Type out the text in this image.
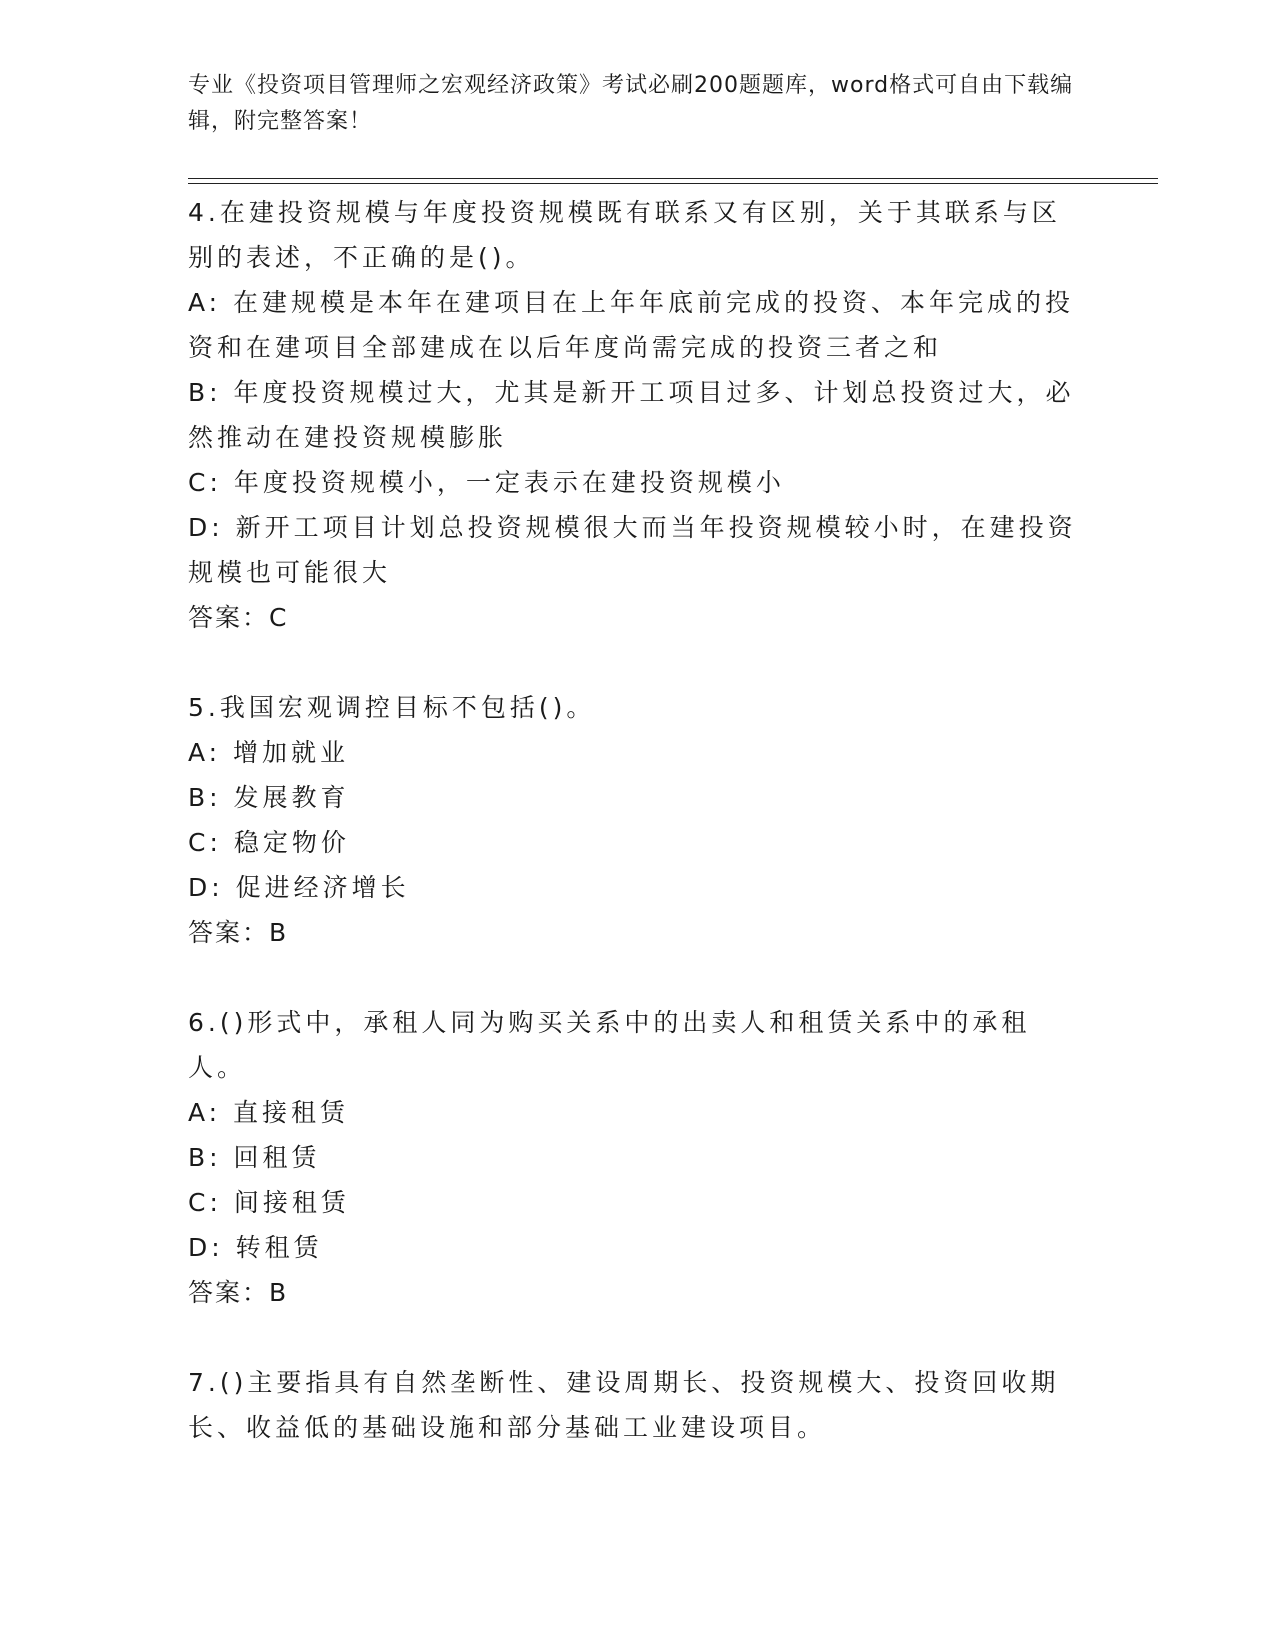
专业《投资项目管理师之宏观经济政策》考试必刷200题题库，word格式可自由下载编辑，附完整答案！

4.在建投资规模与年度投资规模既有联系又有区别，关于其联系与区别的表述，不正确的是()。

A: 在建规模是本年在建项目在上年年底前完成的投资、本年完成的投资和在建项目全部建成在以后年度尚需完成的投资三者之和

B: 年度投资规模过大，尤其是新开工项目过多、计划总投资过大，必然推动在建投资规模膨胀

C: 年度投资规模小，一定表示在建投资规模小

D: 新开工项目计划总投资规模很大而当年投资规模较小时，在建投资规模也可能很大

答案：C

5.我国宏观调控目标不包括()。

A: 增加就业

B: 发展教育

C: 稳定物价

D: 促进经济增长

答案：B

6.()形式中，承租人同为购买关系中的出卖人和租赁关系中的承租人。

A: 直接租赁

B: 回租赁

C: 间接租赁

D: 转租赁

答案：B

7.()主要指具有自然垄断性、建设周期长、投资规模大、投资回收期长、收益低的基础设施和部分基础工业建设项目。
